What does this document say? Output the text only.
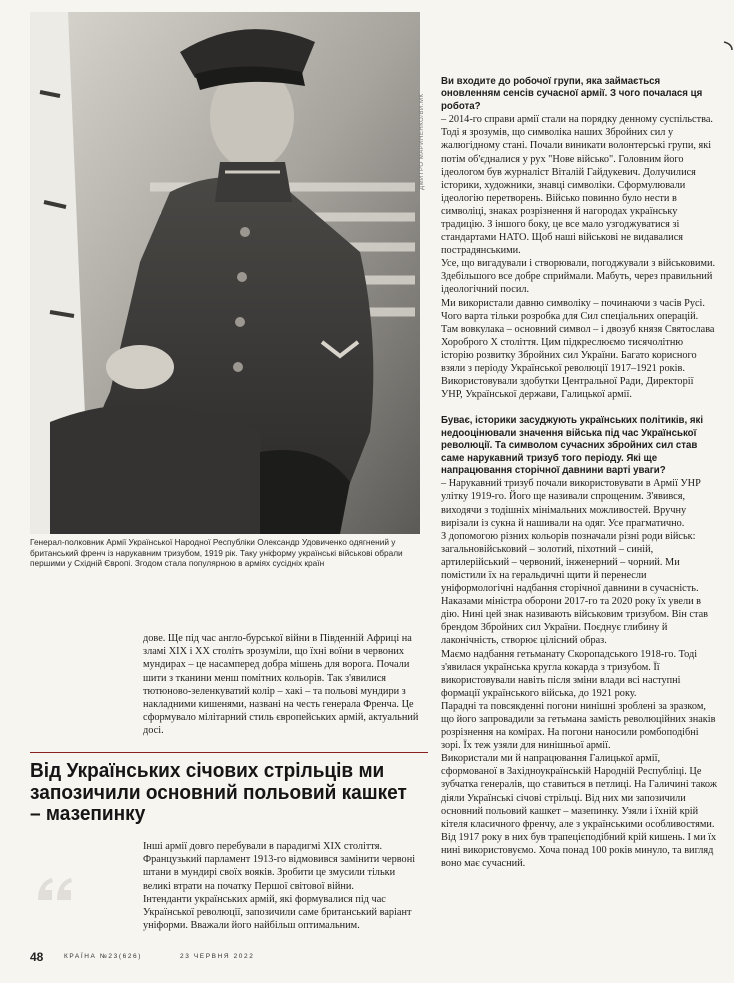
ДМИТРО МАРИНЕНКО/ВИ.МК
Генерал-полковник Армії Української Народної Республіки Олександр Удовиченко одягнений у британський френч із нарукавним тризубом, 1919 рік. Таку уніформу українські військові обрали першими у Східній Європі. Згодом стала популярною в арміях сусідніх країн

дове. Ще під час англо-бурської війни в Південній Африці на зламі XIX і XX століть зрозуміли, що їхні воїни в червоних мундирах – це насамперед добра мішень для ворога. Почали шити з тканини менш помітних кольорів. Так з'явилися тютюново-зеленкуватий колір – хакі – та польові мундири з накладними кишенями, названі на честь генерала Френча. Це сформувало мілітарний стиль європейських армій, актуальний досі.

Від Українських січових стрільців ми запозичили основний польовий кашкет – мазепинку

Інші армії довго перебували в парадигмі XIX століття. Французький парламент 1913-го відмовився замінити червоні штани в мундирі своїх вояків. Зробити це змусили тільки великі втрати на початку Першої світової війни.

Інтенданти українських армій, які формувалися під час Української революції, запозичили саме британський варіант уніформи. Вважали його найбільш оптимальним.

Ви входите до робочої групи, яка займається оновленням сенсів сучасної армії. З чого почалася ця робота?

– 2014-го справи армії стали на порядку денному суспільства. Тоді я зрозумів, що символіка наших Збройних сил у жалюгідному стані. Почали виникати волонтерські групи, які потім об'єдналися у рух "Нове військо". Головним його ідеологом був журналіст Віталій Гайдукевич. Долучилися історики, художники, знавці символіки. Сформулювали ідеологію перетворень. Військо повинно було нести в символіці, знаках розрізнення й нагородах українську традицію. З іншого боку, це все мало узгоджуватися зі стандартами НАТО. Щоб наші військові не видавалися пострадянськими.

Усе, що вигадували і створювали, погоджували з військовими. Здебільшого все добре сприймали. Мабуть, через правильний ідеологічний посил.

Ми використали давню символіку – починаючи з часів Русі. Чого варта тільки розробка для Сил спеціальних операцій. Там вовкулака – основний символ – і двозуб князя Святослава Хороброго X століття. Цим підкреслюємо тисячолітню історію розвитку Збройних сил України. Багато корисного взяли з періоду Української революції 1917–1921 років. Використовували здобутки Центральної Ради, Директорії УНР, Української держави, Галицької армії.

Буває, історики засуджують українських політиків, які недооцінювали значення війська під час Української революції. Та символом сучасних збройних сил став саме нарукавний тризуб того періоду. Які ще напрацювання сторічної давнини варті уваги?

– Нарукавний тризуб почали використовувати в Армії УНР улітку 1919-го. Його ще називали спрощеним. З'явився, виходячи з тодішніх мінімальних можливостей. Вручну вирізали із сукна й нашивали на одяг. Усе прагматично.

З допомогою різних кольорів позначали різні роди військ: загальновійськовий – золотий, піхотний – синій, артилерійський – червоний, інженерний – чорний. Ми помістили їх на геральдичні щити й перенесли уніформологічні надбання сторічної давнини в сучасність. Наказами міністра оборони 2017-го та 2020 року їх увели в дію. Нині цей знак називають військовим тризубом. Він став брендом Збройних сил України. Поєднує глибину й лаконічність, створює цілісний образ.

Маємо надбання гетьманату Скоропадського 1918-го. Тоді з'явилася українська кругла кокарда з тризубом. Її використовували навіть після зміни влади всі наступні формації українського війська, до 1921 року.

Парадні та повсякденні погони нинішні зроблені за зразком, що його запровадили за гетьмана замість революційних знаків розрізнення на комірах. На погони наносили ромбоподібні зорі. Їх теж узяли для нинішньої армії.

Використали ми й напрацювання Галицької армії, сформованої в Західноукраїнській Народній Республіці. Це зубчатка генералів, що ставиться в петлиці. На Галичині також діяли Українські січові стрільці. Від них ми запозичили основний польовий кашкет – мазепинку. Узяли і їхній крій кітеля класичного френчу, але з українськими особливостями. Від 1917 року в них був трапецієподібний крій кишень. І ми їх нині використовуємо. Хоча понад 100 років минуло, та вигляд воно має сучасний.

48	КРАЇНА №23(626)	23 ЧЕРВНЯ 2022
